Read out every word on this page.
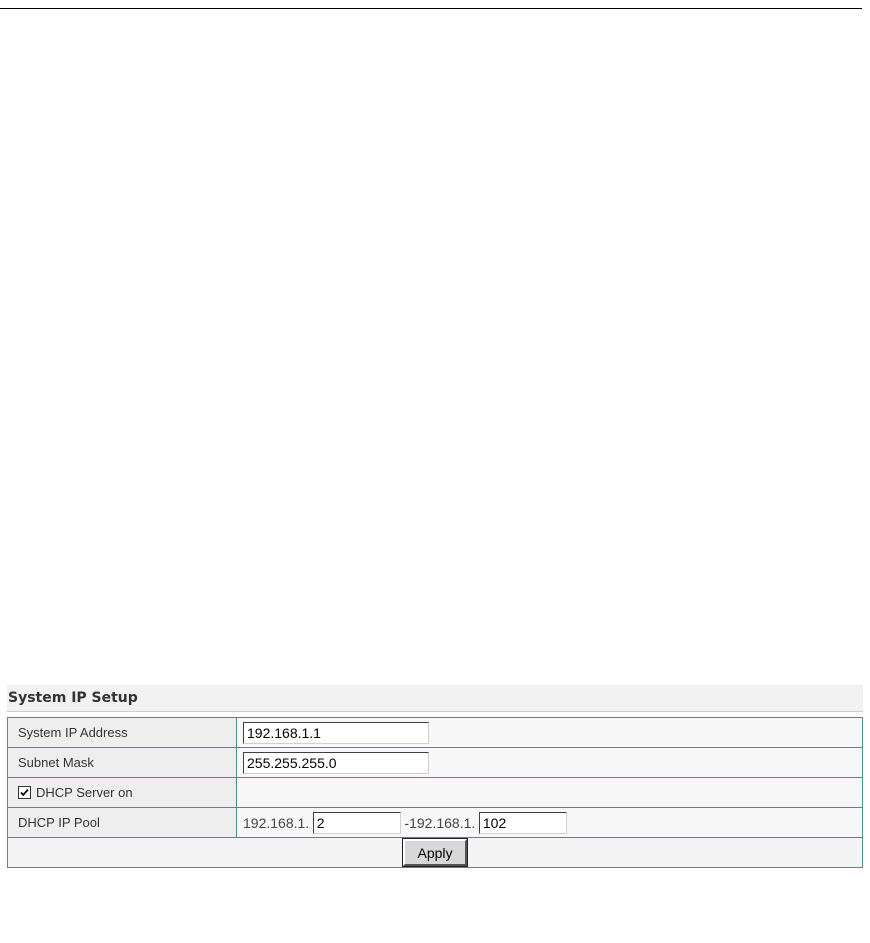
System IP Setup
System IP Address	192.168.1.1
Subnet Mask	255.255.255.0

DHCP Server on	
DHCP IP Pool	192.168.1. 2 -192.168.1. 102
Apply	
